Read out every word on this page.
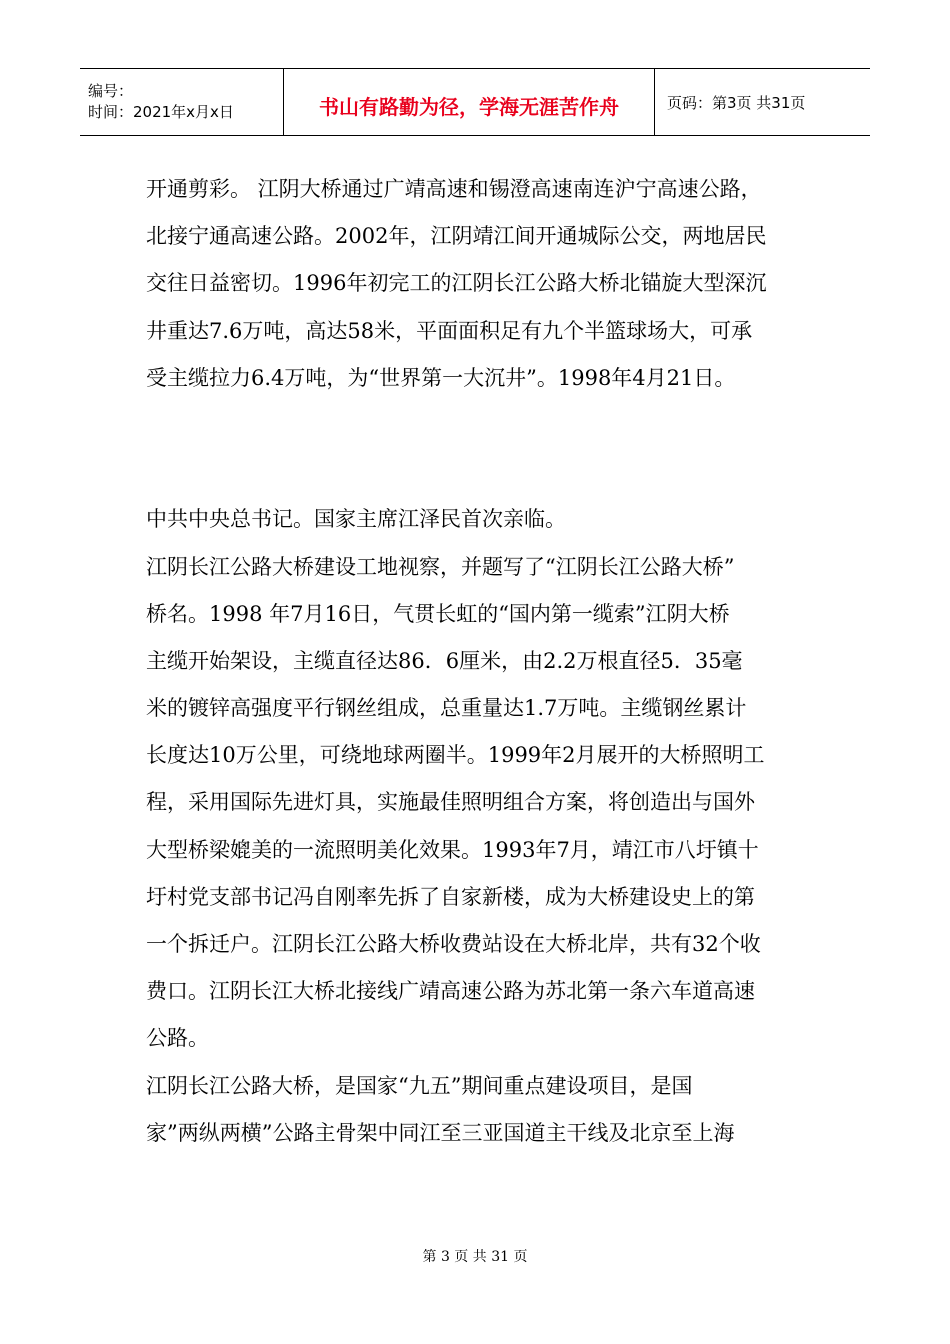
编号：
时间：2021年x月x日	书山有路勤为径，学海无涯苦作舟	页码：第3页 共31页
开通剪彩。 江阴大桥通过广靖高速和锡澄高速南连沪宁高速公路，
北接宁通高速公路。2002年，江阴靖江间开通城际公交，两地居民
交往日益密切。1996年初完工的江阴长江公路大桥北锚旋大型深沉
井重达7.6万吨，高达58米，平面面积足有九个半篮球场大，可承
受主缆拉力6.4万吨，为“世界第一大沉井”。1998年4月21日。
中共中央总书记。国家主席江泽民首次亲临。
江阴长江公路大桥建设工地视察，并题写了“江阴长江公路大桥”
桥名。1998 年7月16日，气贯长虹的“国内第一缆索”江阴大桥
主缆开始架设，主缆直径达86．6厘米，由2.2万根直径5．35毫
米的镀锌高强度平行钢丝组成，总重量达1.7万吨。主缆钢丝累计
长度达10万公里，可绕地球两圈半。1999年2月展开的大桥照明工
程，采用国际先进灯具，实施最佳照明组合方案，将创造出与国外
大型桥梁媲美的一流照明美化效果。1993年7月，靖江市八圩镇十
圩村党支部书记冯自刚率先拆了自家新楼，成为大桥建设史上的第
一个拆迁户。江阴长江公路大桥收费站设在大桥北岸，共有32个收
费口。江阴长江大桥北接线广靖高速公路为苏北第一条六车道高速
公路。
江阴长江公路大桥，是国家“九五”期间重点建设项目，是国
家”两纵两横”公路主骨架中同江至三亚国道主干线及北京至上海
第 3 页 共 31 页
